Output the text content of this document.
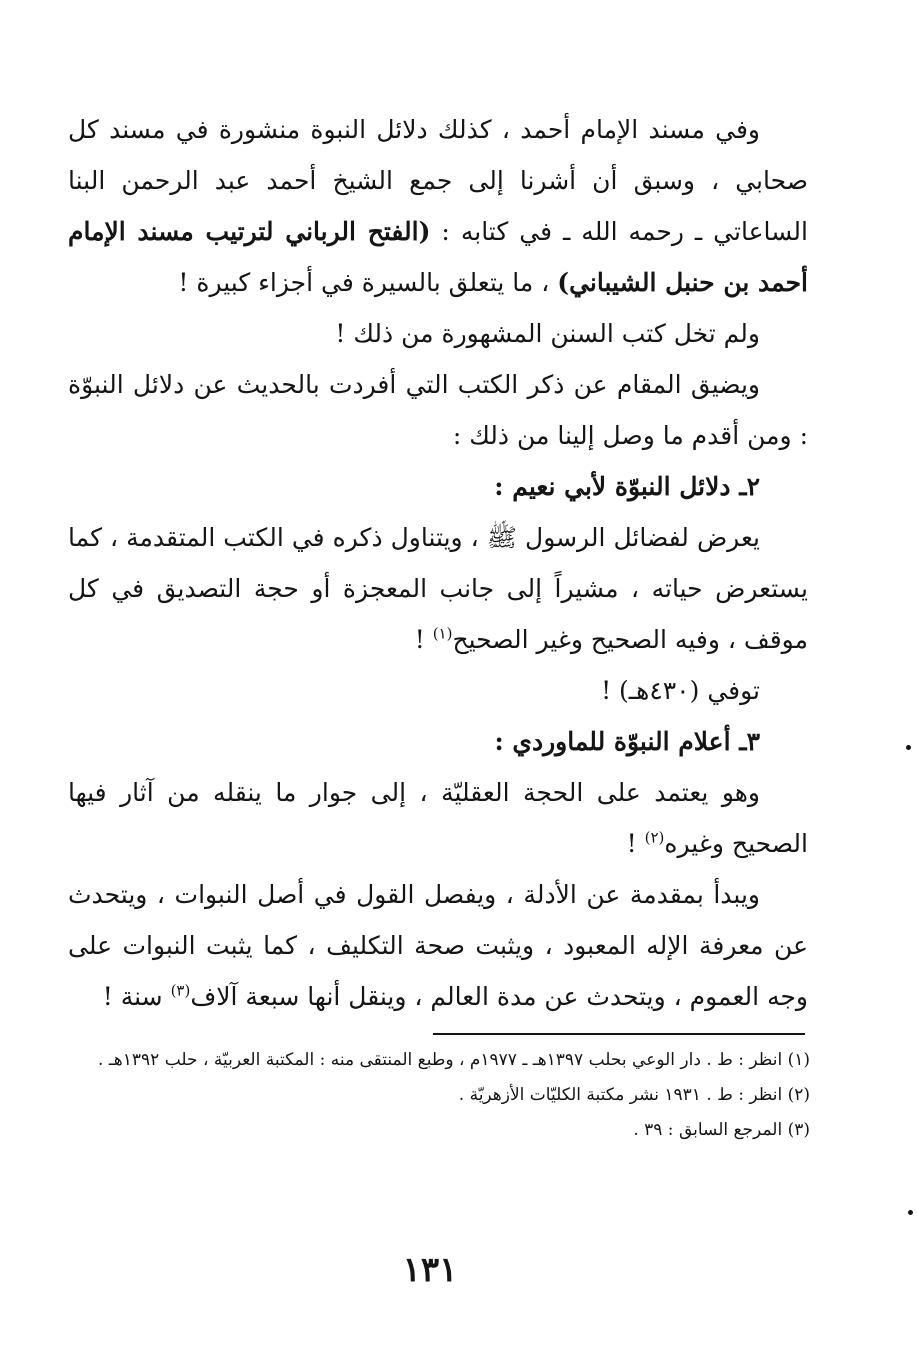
وفي مسند الإمام أحمد ، كذلك دلائل النبوة منشورة في مسند كل صحابي ، وسبق أن أشرنا إلى جمع الشيخ أحمد عبد الرحمن البنا الساعاتي ـ رحمه الله ـ في كتابه : (الفتح الرباني لترتيب مسند الإمام أحمد بن حنبل الشيباني) ، ما يتعلق بالسيرة في أجزاء كبيرة !

ولم تخل كتب السنن المشهورة من ذلك !

ويضيق المقام عن ذكر الكتب التي أفردت بالحديث عن دلائل النبوّة : ومن أقدم ما وصل إلينا من ذلك :

٢ـ دلائل النبوّة لأبي نعيم :

يعرض لفضائل الرسول ﷺ ، ويتناول ذكره في الكتب المتقدمة ، كما يستعرض حياته ، مشيراً إلى جانب المعجزة أو حجة التصديق في كل موقف ، وفيه الصحيح وغير الصحيح$^{(١)}$ !

توفي (٤٣٠هـ) !

٣ـ أعلام النبوّة للماوردي :

وهو يعتمد على الحجة العقليّة ، إلى جوار ما ينقله من آثار فيها الصحيح وغيره$^{(٢)}$ !

ويبدأ بمقدمة عن الأدلة ، ويفصل القول في أصل النبوات ، ويتحدث عن معرفة الإله المعبود ، ويثبت صحة التكليف ، كما يثبت النبوات على وجه العموم ، ويتحدث عن مدة العالم ، وينقل أنها سبعة آلاف$^{(٣)}$ سنة !

(١) انظر : ط . دار الوعي بحلب ١٣٩٧هـ ـ ١٩٧٧م ، وطبع المنتقى منه : المكتبة العربيّة ، حلب ١٣٩٢هـ .

(٢) انظر : ط . ١٩٣١ نشر مكتبة الكليّات الأزهريّة .

(٣) المرجع السابق : ٣٩ .

١٣١
